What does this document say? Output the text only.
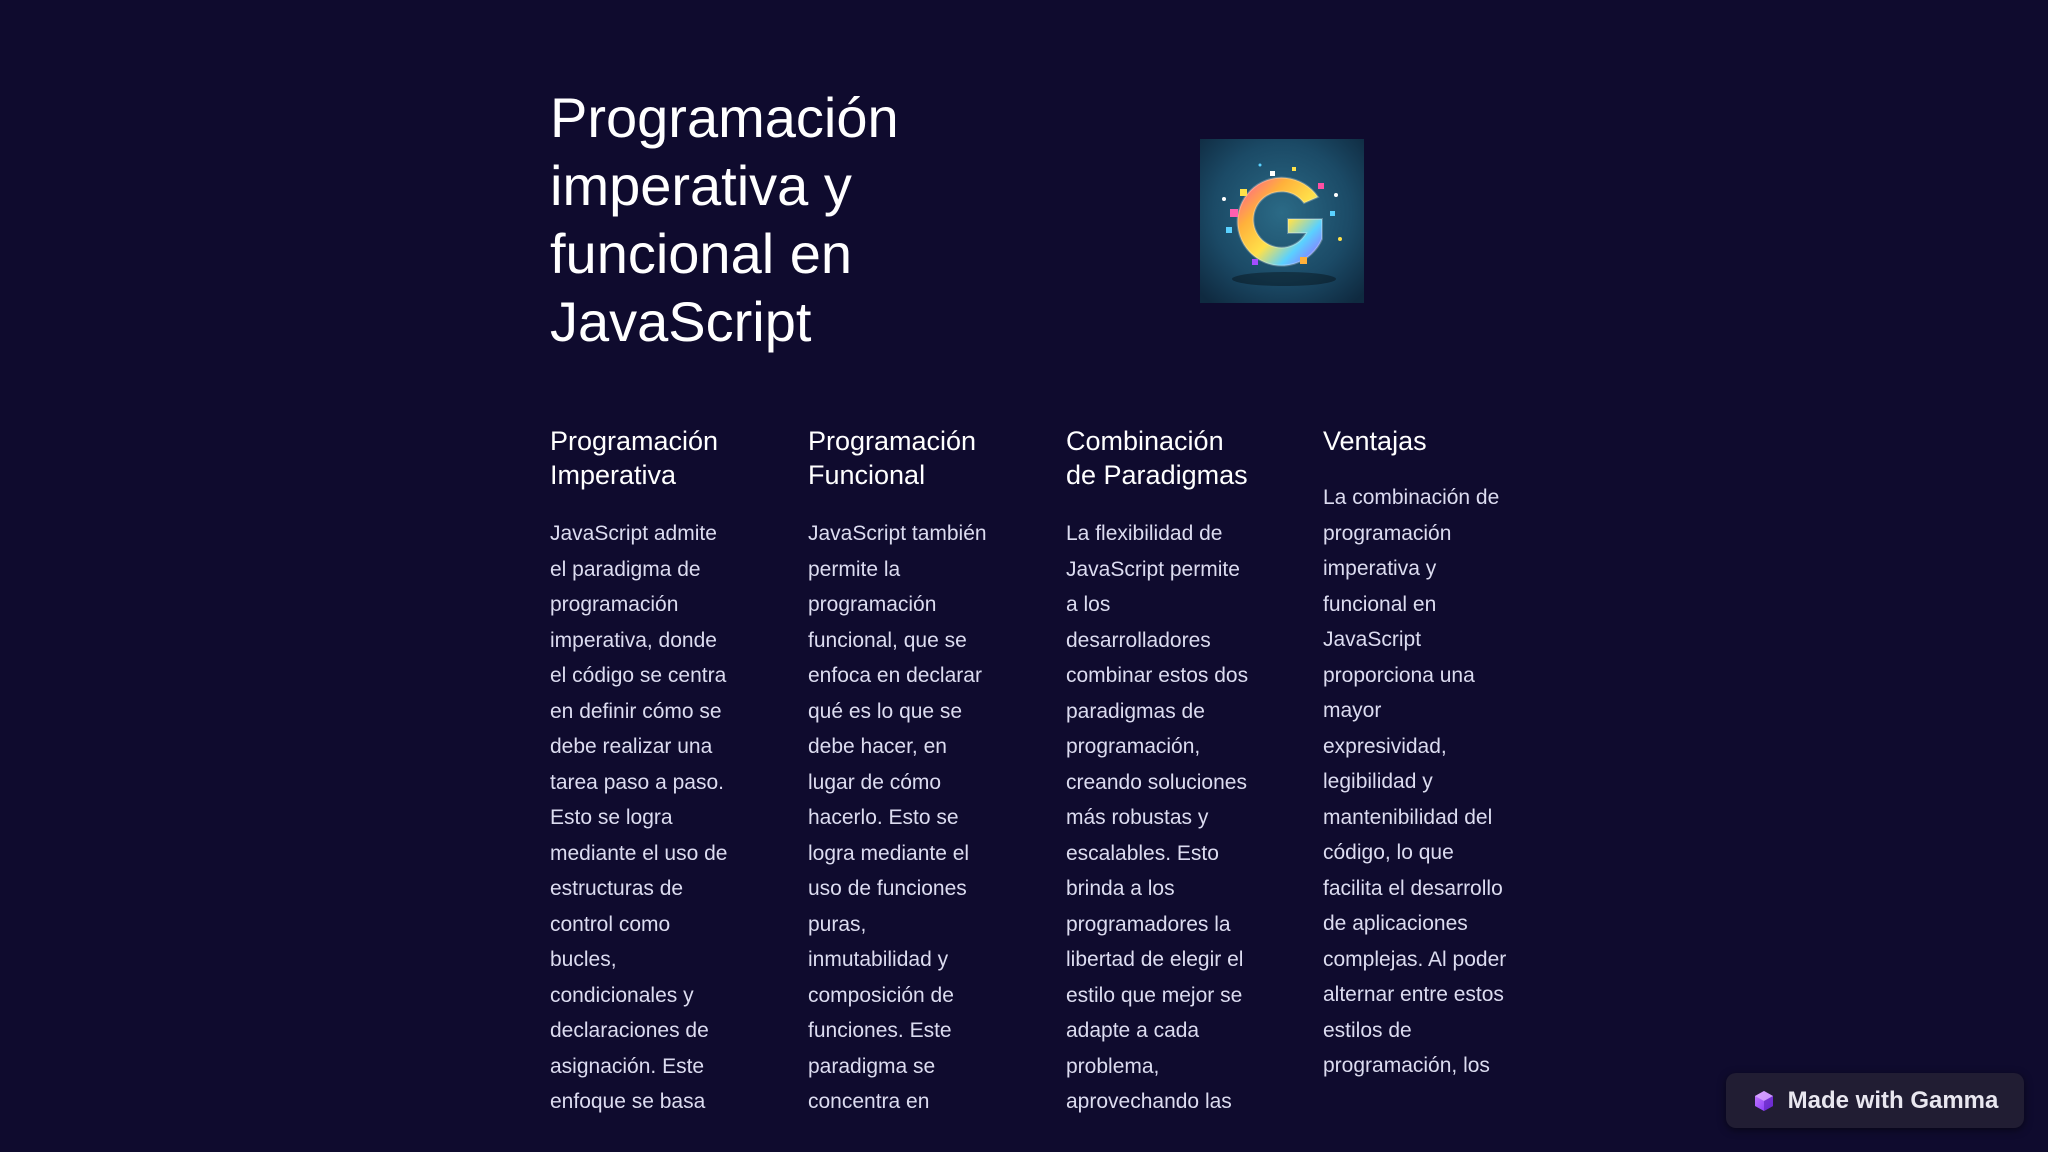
Programación imperativa y funcional en JavaScript
Programación Imperativa

JavaScript admite el paradigma de programación imperativa, donde el código se centra en definir cómo se debe realizar una tarea paso a paso. Esto se logra mediante el uso de estructuras de control como bucles, condicionales y declaraciones de asignación. Este enfoque se basa

Programación Funcional

JavaScript también permite la programación funcional, que se enfoca en declarar qué es lo que se debe hacer, en lugar de cómo hacerlo. Esto se logra mediante el uso de funciones puras, inmutabilidad y composición de funciones. Este paradigma se concentra en

Combinación de Paradigmas

La flexibilidad de JavaScript permite a los desarrolladores combinar estos dos paradigmas de programación, creando soluciones más robustas y escalables. Esto brinda a los programadores la libertad de elegir el estilo que mejor se adapte a cada problema, aprovechando las

Ventajas

La combinación de programación imperativa y funcional en JavaScript proporciona una mayor expresividad, legibilidad y mantenibilidad del código, lo que facilita el desarrollo de aplicaciones complejas. Al poder alternar entre estos estilos de programación, los

Made with Gamma
